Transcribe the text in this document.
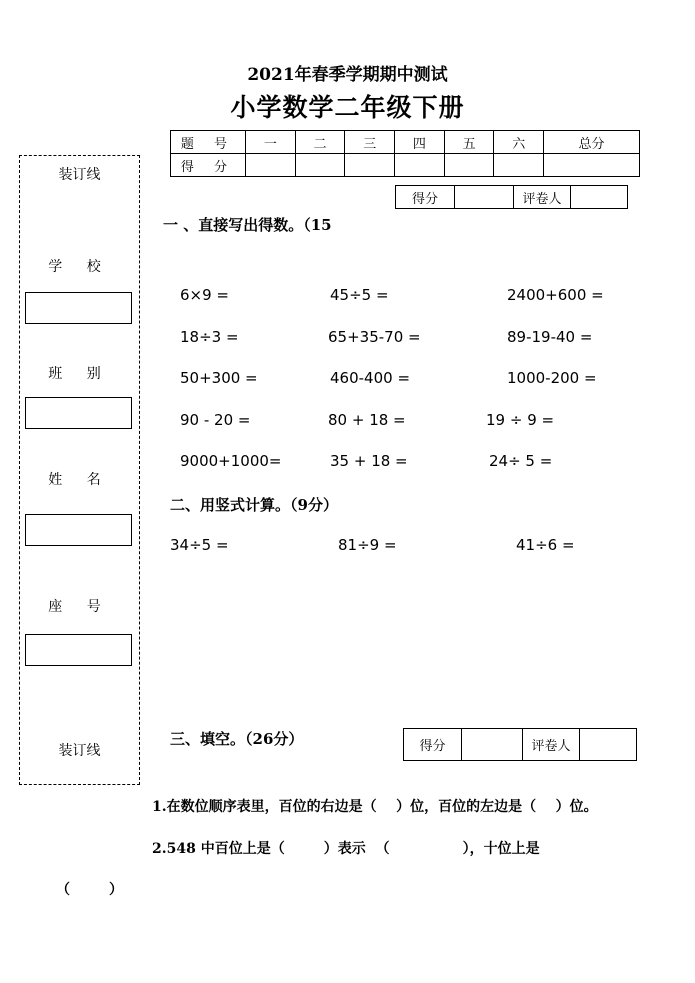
2021年春季学期期中测试
小学数学二年级下册
题 号	一	二	三	四	五	六	总分
得 分							
得分	评卷人
装订线
学 校
班 别
姓 名
座 号
装订线
一 、直接写出得数。（15
6×9 =	45÷5 =	2400+600 =
18÷3 =	65+35-70 =	89-19-40 =
50+300 =	460-400 =	1000-200 =
90 - 20 =	80 + 18 =	19 ÷ 9 =
9000+1000=	35 + 18 =	24÷ 5 =
二、用竖式计算。（9分）
34÷5 =	81÷9 =	41÷6 =
三、填空。（26分）	得分	评卷人
1.在数位顺序表里，百位的右边是（    ）位，百位的左边是（    ）位。
2.548 中百位上是（        ）表示  （               ），十位上是
（        ）
